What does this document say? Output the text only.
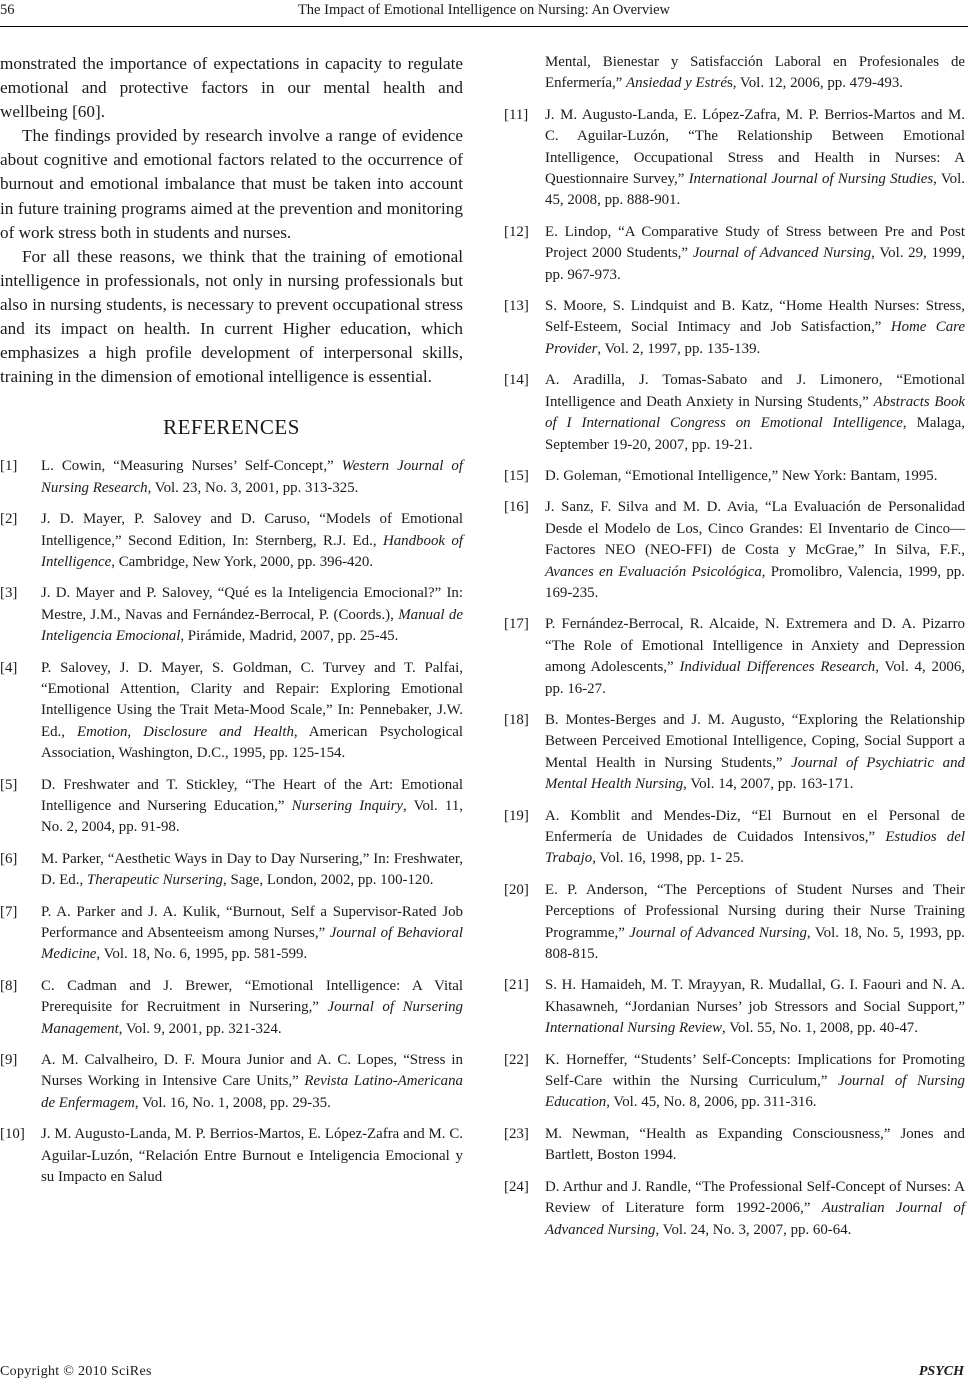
56	The Impact of Emotional Intelligence on Nursing: An Overview

monstrated the importance of expectations in capacity to regulate emotional and protective factors in our mental health and wellbeing [60].

The findings provided by research involve a range of evidence about cognitive and emotional factors related to the occurrence of burnout and emotional imbalance that must be taken into account in future training programs aimed at the prevention and monitoring of work stress both in students and nurses.

For all these reasons, we think that the training of emotional intelligence in professionals, not only in nursing professionals but also in nursing students, is necessary to prevent occupational stress and its impact on health. In current Higher education, which emphasizes a high profile development of interpersonal skills, training in the dimension of emotional intelligence is essential.

REFERENCES
[1] L. Cowin, “Measuring Nurses’ Self-Concept,” Western Journal of Nursing Research, Vol. 23, No. 3, 2001, pp. 313-325.
[2] J. D. Mayer, P. Salovey and D. Caruso, “Models of Emotional Intelligence,” Second Edition, In: Sternberg, R.J. Ed., Handbook of Intelligence, Cambridge, New York, 2000, pp. 396-420.
[3] J. D. Mayer and P. Salovey, “Qué es la Inteligencia Emocional?” In: Mestre, J.M., Navas and Fernández-Berrocal, P. (Coords.), Manual de Inteligencia Emocional, Pirámide, Madrid, 2007, pp. 25-45.
[4] P. Salovey, J. D. Mayer, S. Goldman, C. Turvey and T. Palfai, “Emotional Attention, Clarity and Repair: Exploring Emotional Intelligence Using the Trait Meta-Mood Scale,” In: Pennebaker, J.W. Ed., Emotion, Disclosure and Health, American Psychological Association, Washington, D.C., 1995, pp. 125-154.
[5] D. Freshwater and T. Stickley, “The Heart of the Art: Emotional Intelligence and Nursering Education,” Nursering Inquiry, Vol. 11, No. 2, 2004, pp. 91-98.
[6] M. Parker, “Aesthetic Ways in Day to Day Nursering,” In: Freshwater, D. Ed., Therapeutic Nursering, Sage, London, 2002, pp. 100-120.
[7] P. A. Parker and J. A. Kulik, “Burnout, Self a Supervisor-Rated Job Performance and Absenteeism among Nurses,” Journal of Behavioral Medicine, Vol. 18, No. 6, 1995, pp. 581-599.
[8] C. Cadman and J. Brewer, “Emotional Intelligence: A Vital Prerequisite for Recruitment in Nursering,” Journal of Nursering Management, Vol. 9, 2001, pp. 321-324.
[9] A. M. Calvalheiro, D. F. Moura Junior and A. C. Lopes, “Stress in Nurses Working in Intensive Care Units,” Revista Latino-Americana de Enfermagem, Vol. 16, No. 1, 2008, pp. 29-35.
[10] J. M. Augusto-Landa, M. P. Berrios-Martos, E. López-Zafra and M. C. Aguilar-Luzón, “Relación Entre Burnout e Inteligencia Emocional y su Impacto en Salud
Mental, Bienestar y Satisfacción Laboral en Profesionales de Enfermería,” Ansiedad y Estrés, Vol. 12, 2006, pp. 479-493.
[11] J. M. Augusto-Landa, E. López-Zafra, M. P. Berrios-Martos and M. C. Aguilar-Luzón, “The Relationship Between Emotional Intelligence, Occupational Stress and Health in Nurses: A Questionnaire Survey,” International Journal of Nursing Studies, Vol. 45, 2008, pp. 888-901.
[12] E. Lindop, “A Comparative Study of Stress between Pre and Post Project 2000 Students,” Journal of Advanced Nursing, Vol. 29, 1999, pp. 967-973.
[13] S. Moore, S. Lindquist and B. Katz, “Home Health Nurses: Stress, Self-Esteem, Social Intimacy and Job Satisfaction,” Home Care Provider, Vol. 2, 1997, pp. 135-139.
[14] A. Aradilla, J. Tomas-Sabato and J. Limonero, “Emotional Intelligence and Death Anxiety in Nursing Students,” Abstracts Book of I International Congress on Emotional Intelligence, Malaga, September 19-20, 2007, pp. 19-21.
[15] D. Goleman, “Emotional Intelligence,” New York: Bantam, 1995.
[16] J. Sanz, F. Silva and M. D. Avia, “La Evaluación de Personalidad Desde el Modelo de Los, Cinco Grandes: El Inventario de Cinco—Factores NEO (NEO-FFI) de Costa y McGrae,” In Silva, F.F., Avances en Evaluación Psicológica, Promolibro, Valencia, 1999, pp. 169-235.
[17] P. Fernández-Berrocal, R. Alcaide, N. Extremera and D. A. Pizarro “The Role of Emotional Intelligence in Anxiety and Depression among Adolescents,” Individual Differences Research, Vol. 4, 2006, pp. 16-27.
[18] B. Montes-Berges and J. M. Augusto, “Exploring the Relationship Between Perceived Emotional Intelligence, Coping, Social Support a Mental Health in Nursing Students,” Journal of Psychiatric and Mental Health Nursing, Vol. 14, 2007, pp. 163-171.
[19] A. Komblit and Mendes-Diz, “El Burnout en el Personal de Enfermería de Unidades de Cuidados Intensivos,” Estudios del Trabajo, Vol. 16, 1998, pp. 1- 25.
[20] E. P. Anderson, “The Perceptions of Student Nurses and Their Perceptions of Professional Nursing during their Nurse Training Programme,” Journal of Advanced Nursing, Vol. 18, No. 5, 1993, pp. 808-815.
[21] S. H. Hamaideh, M. T. Mrayyan, R. Mudallal, G. I. Faouri and N. A. Khasawneh, “Jordanian Nurses’ job Stressors and Social Support,” International Nursing Review, Vol. 55, No. 1, 2008, pp. 40-47.
[22] K. Horneffer, “Students’ Self-Concepts: Implications for Promoting Self-Care within the Nursing Curriculum,” Journal of Nursing Education, Vol. 45, No. 8, 2006, pp. 311-316.
[23] M. Newman, “Health as Expanding Consciousness,” Jones and Bartlett, Boston 1994.
[24] D. Arthur and J. Randle, “The Professional Self-Concept of Nurses: A Review of Literature form 1992-2006,” Australian Journal of Advanced Nursing, Vol. 24, No. 3, 2007, pp. 60-64.
Copyright © 2010 SciRes	PSYCH
